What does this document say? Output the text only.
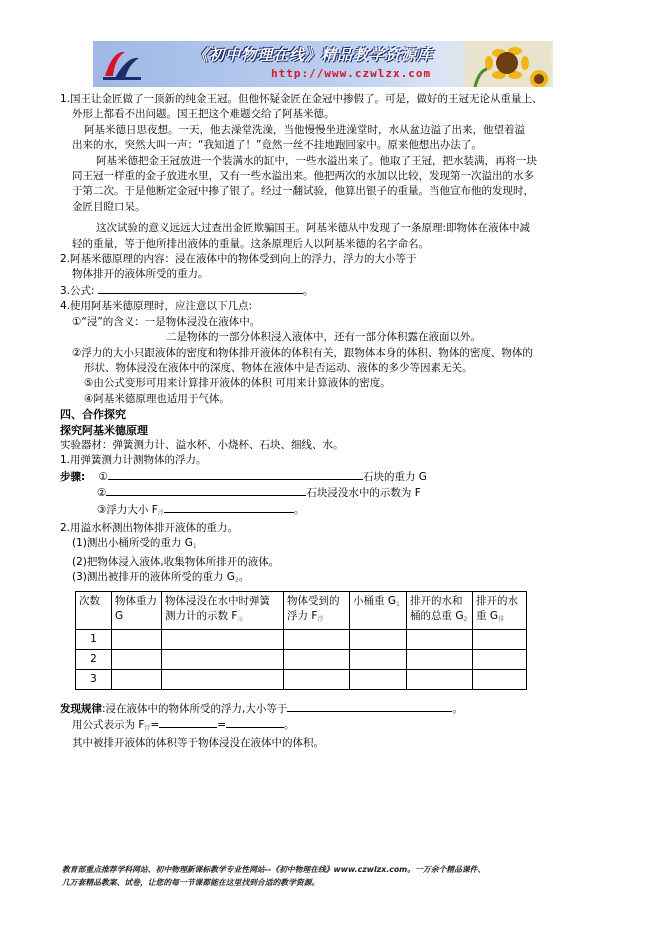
《初中物理在线》精品教学资源库
http://www.czwlzx.com

1.国王让金匠做了一顶新的纯金王冠。但他怀疑金匠在金冠中掺假了。可是，做好的王冠无论从重量上、

外形上都看不出问题。国王把这个难题交给了阿基米德。

阿基米德日思夜想。一天，他去澡堂洗澡，当他慢慢坐进澡堂时，水从盆边溢了出来，他望着溢

出来的水，突然大叫一声：“我知道了！”竟然一丝不挂地跑回家中。原来他想出办法了。

阿基米德把金王冠放进一个装满水的缸中，一些水溢出来了。他取了王冠，把水装满，再将一块

同王冠一样重的金子放进水里，又有一些水溢出来。他把两次的水加以比较，发现第一次溢出的水多

于第二次。于是他断定金冠中掺了银了。经过一翻试验，他算出银子的重量。当他宣布他的发现时，

金匠目瞪口呆。

这次试验的意义远远大过查出金匠欺骗国王。阿基米德从中发现了一条原理:即物体在液体中减

轻的重量，等于他所排出液体的重量。这条原理后人以阿基米德的名字命名。

2.阿基米德原理的内容：浸在液体中的物体受到向上的浮力，浮力的大小等于

物体排开的液体所受的重力。

3.公式:	。

4.使用阿基米德原理时，应注意以下几点:

①“浸”的含义：一是物体浸没在液体中。

二是物体的一部分体积浸入液体中，还有一部分体积露在液面以外。

②浮力的大小只跟液体的密度和物体排开液体的体积有关，跟物体本身的体积、物体的密度、物体的

形状、物体浸没在液体中的深度、物体在液体中是否运动、液体的多少等因素无关。

⑤由公式变形可用来计算排开液体的体积 可用来计算液体的密度。

④阿基米德原理也适用于气体。

四、合作探究

探究阿基米德原理

实验器材：弹簧测力计、溢水杯、小烧杯、石块、细线、水。

1.用弹簧测力计测物体的浮力。

步骤: ①	石块的重力 G

②	石块浸没水中的示数为 F

③浮力大小 $F_浮$	。

2.用溢水杯测出物体排开液体的重力。

(1)测出小桶所受的重力 $G_1$

(2)把物体浸入液体,收集物体所排开的液体。

(3)测出被排开的液体所受的重力 $G_2$。

次数	物体重力 G	物体浸没在水中时弹簧测力计的示数 $F_示$	物体受到的浮力 $F_浮$	小桶重 $G_1$	排开的水和桶的总重 $G_2$	排开的水重 $G_排$
1						
2						
3						

发现规律:浸在液体中的物体所受的浮力,大小等于	。

用公式表示为 $F_浮=$	=	。

其中被排开液体的体积等于物体浸没在液体中的体积。

教育部重点推荐学科网站、初中物理新课标教学专业性网站--《初中物理在线》www.czwlzx.com。一万余个精品课件、
几万套精品教案、试卷，让您的每一节课都能在这里找到合适的教学资源。
